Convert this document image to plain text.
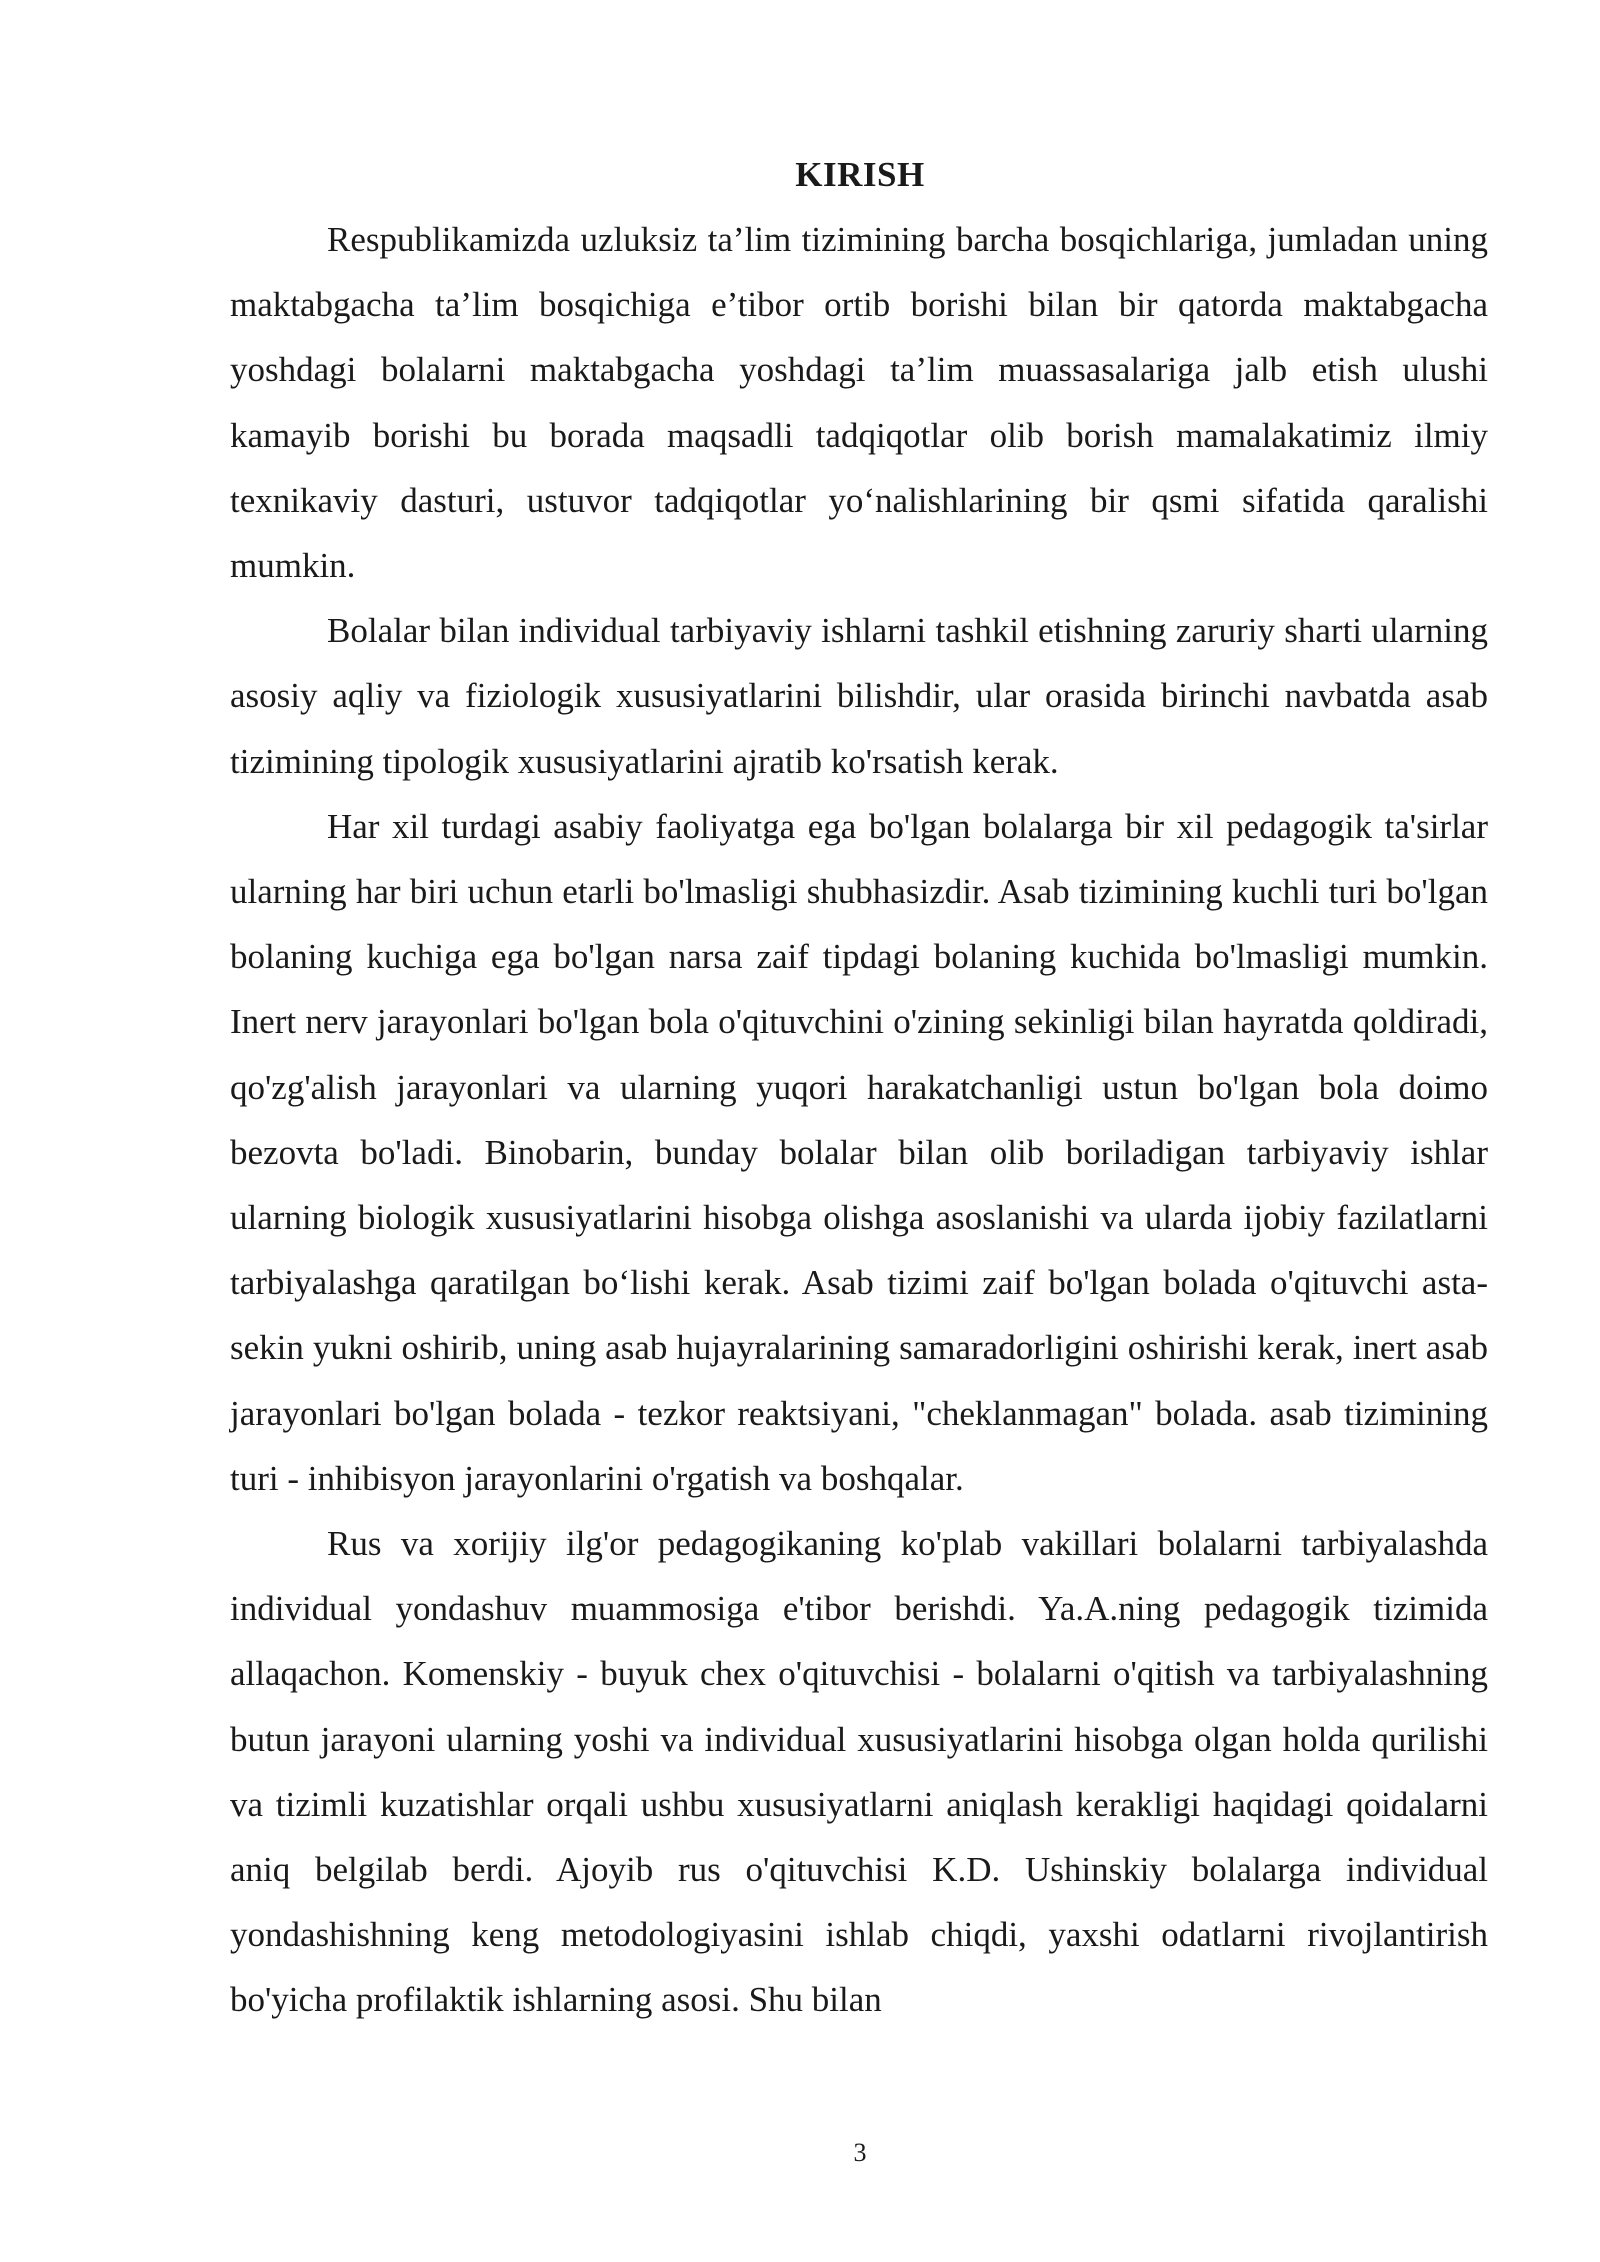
KIRISH

Respublikamizda uzluksiz ta’lim tizimining barcha bosqichlariga, jumladan uning maktabgacha ta’lim bosqichiga e’tibor ortib borishi bilan bir qatorda maktabgacha yoshdagi bolalarni maktabgacha yoshdagi ta’lim muassasalariga jalb etish ulushi kamayib borishi bu borada maqsadli tadqiqotlar olib borish mamalakatimiz ilmiy texnikaviy dasturi, ustuvor tadqiqotlar yo‘nalishlarining bir qsmi sifatida qaralishi mumkin.

Bolalar bilan individual tarbiyaviy ishlarni tashkil etishning zaruriy sharti ularning asosiy aqliy va fiziologik xususiyatlarini bilishdir, ular orasida birinchi navbatda asab tizimining tipologik xususiyatlarini ajratib ko'rsatish kerak.

Har xil turdagi asabiy faoliyatga ega bo'lgan bolalarga bir xil pedagogik ta'sirlar ularning har biri uchun etarli bo'lmasligi shubhasizdir. Asab tizimining kuchli turi bo'lgan bolaning kuchiga ega bo'lgan narsa zaif tipdagi bolaning kuchida bo'lmasligi mumkin. Inert nerv jarayonlari bo'lgan bola o'qituvchini o'zining sekinligi bilan hayratda qoldiradi, qo'zg'alish jarayonlari va ularning yuqori harakatchanligi ustun bo'lgan bola doimo bezovta bo'ladi. Binobarin, bunday bolalar bilan olib boriladigan tarbiyaviy ishlar ularning biologik xususiyatlarini hisobga olishga asoslanishi va ularda ijobiy fazilatlarni tarbiyalashga qaratilgan bo‘lishi kerak. Asab tizimi zaif bo'lgan bolada o'qituvchi asta-sekin yukni oshirib, uning asab hujayralarining samaradorligini oshirishi kerak, inert asab jarayonlari bo'lgan bolada - tezkor reaktsiyani, "cheklanmagan" bolada. asab tizimining turi - inhibisyon jarayonlarini o'rgatish va boshqalar.

Rus va xorijiy ilg'or pedagogikaning ko'plab vakillari bolalarni tarbiyalashda individual yondashuv muammosiga e'tibor berishdi. Ya.A.ning pedagogik tizimida allaqachon. Komenskiy - buyuk chex o'qituvchisi - bolalarni o'qitish va tarbiyalashning butun jarayoni ularning yoshi va individual xususiyatlarini hisobga olgan holda qurilishi va tizimli kuzatishlar orqali ushbu xususiyatlarni aniqlash kerakligi haqidagi qoidalarni aniq belgilab berdi. Ajoyib rus o'qituvchisi K.D. Ushinskiy bolalarga individual yondashishning keng metodologiyasini ishlab chiqdi, yaxshi odatlarni rivojlantirish bo'yicha profilaktik ishlarning asosi. Shu bilan

3
